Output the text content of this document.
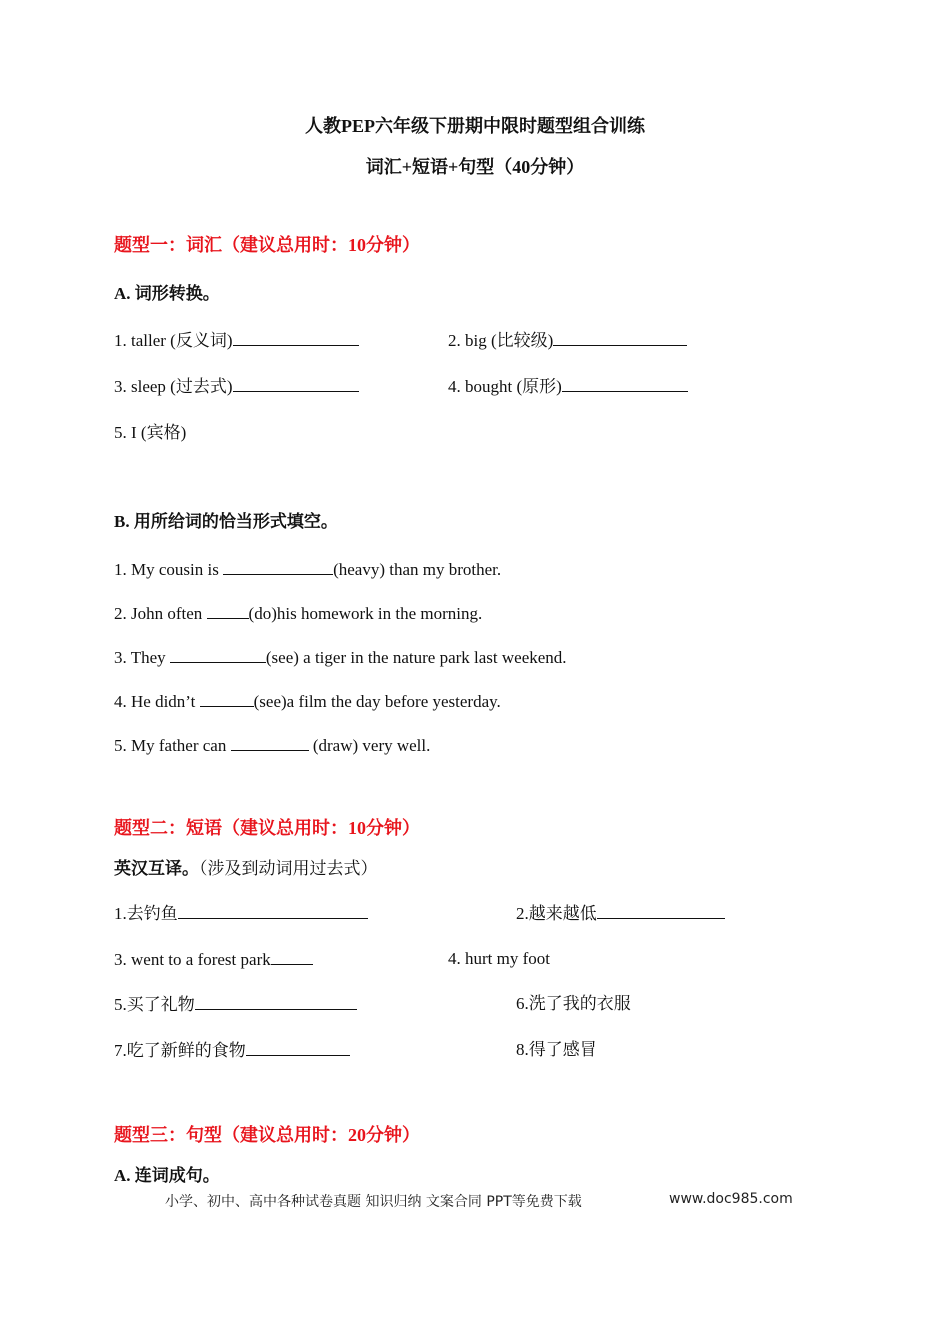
人教PEP六年级下册期中限时题型组合训练
词汇+短语+句型（40分钟）
题型一：词汇（建议总用时：10分钟）
A. 词形转换。
1. taller (反义词)	2. big (比较级)
3. sleep (过去式)	4. bought (原形)
5. I (宾格)
B. 用所给词的恰当形式填空。
1. My cousin is	(heavy) than my brother.
2. John often (do)his homework in the morning.
3. They	(see) a tiger in the nature park last weekend.
4. He didn’t	(see)a film the day before yesterday.
5. My father can	(draw) very well.
题型二：短语（建议总用时：10分钟）
英汉互译。（涉及到动词用过去式）
1.去钓鱼	2.越来越低
3. went to a forest park	4. hurt my foot
5.买了礼物	6.洗了我的衣服
7.吃了新鲜的食物	8.得了感冒
题型三：句型（建议总用时：20分钟）
A. 连词成句。
小学、初中、高中各种试卷真题 知识归纳 文案合同 PPT等免费下载	www.doc985.com
